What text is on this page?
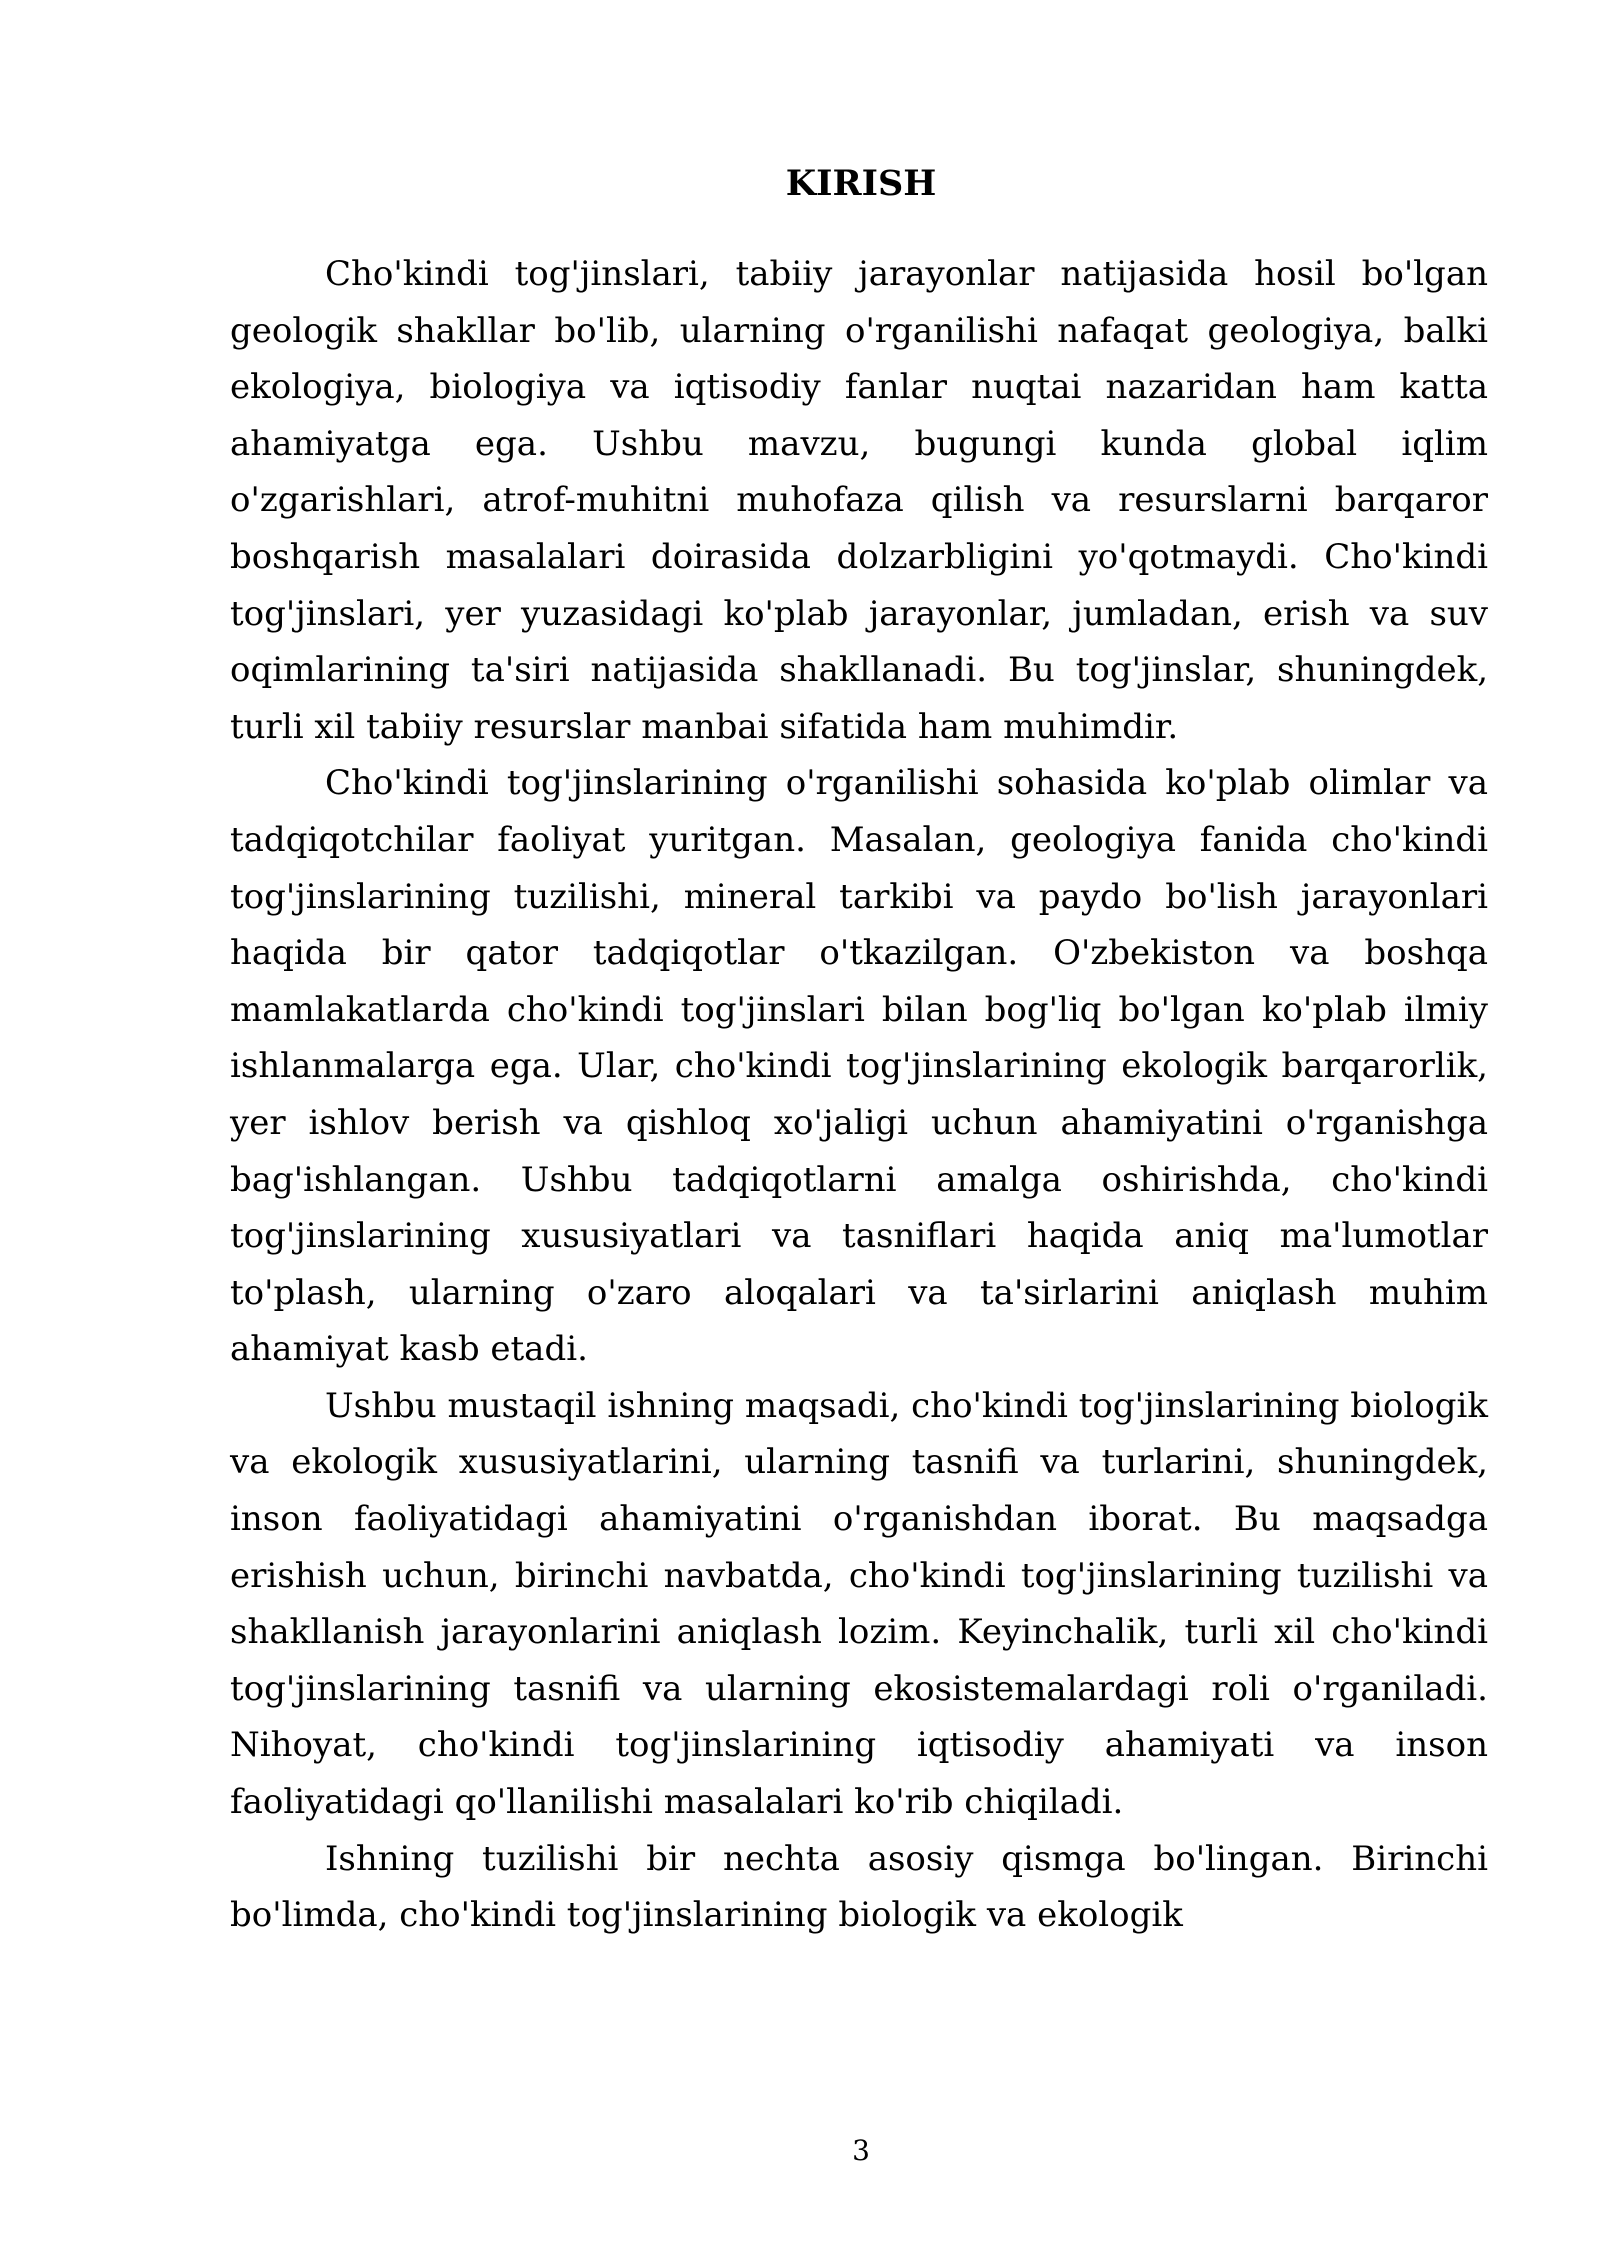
KIRISH

Cho'kindi tog'jinslari, tabiiy jarayonlar natijasida hosil bo'lgan geologik shakllar bo'lib, ularning o'rganilishi nafaqat geologiya, balki ekologiya, biologiya va iqtisodiy fanlar nuqtai nazaridan ham katta ahamiyatga ega. Ushbu mavzu, bugungi kunda global iqlim o'zgarishlari, atrof-muhitni muhofaza qilish va resurslarni barqaror boshqarish masalalari doirasida dolzarbligini yo'qotmaydi. Cho'kindi tog'jinslari, yer yuzasidagi ko'plab jarayonlar, jumladan, erish va suv oqimlarining ta'siri natijasida shakllanadi. Bu tog'jinslar, shuningdek, turli xil tabiiy resurslar manbai sifatida ham muhimdir.

Cho'kindi tog'jinslarining o'rganilishi sohasida ko'plab olimlar va tadqiqotchilar faoliyat yuritgan. Masalan, geologiya fanida cho'kindi tog'jinslarining tuzilishi, mineral tarkibi va paydo bo'lish jarayonlari haqida bir qator tadqiqotlar o'tkazilgan. O'zbekiston va boshqa mamlakatlarda cho'kindi tog'jinslari bilan bog'liq bo'lgan ko'plab ilmiy ishlanmalarga ega. Ular, cho'kindi tog'jinslarining ekologik barqarorlik, yer ishlov berish va qishloq xo'jaligi uchun ahamiyatini o'rganishga bag'ishlangan. Ushbu tadqiqotlarni amalga oshirishda, cho'kindi tog'jinslarining xususiyatlari va tasniflari haqida aniq ma'lumotlar to'plash, ularning o'zaro aloqalari va ta'sirlarini aniqlash muhim ahamiyat kasb etadi.

Ushbu mustaqil ishning maqsadi, cho'kindi tog'jinslarining biologik va ekologik xususiyatlarini, ularning tasnifi va turlarini, shuningdek, inson faoliyatidagi ahamiyatini o'rganishdan iborat. Bu maqsadga erishish uchun, birinchi navbatda, cho'kindi tog'jinslarining tuzilishi va shakllanish jarayonlarini aniqlash lozim. Keyinchalik, turli xil cho'kindi tog'jinslarining tasnifi va ularning ekosistemalardagi roli o'rganiladi. Nihoyat, cho'kindi tog'jinslarining iqtisodiy ahamiyati va inson faoliyatidagi qo'llanilishi masalalari ko'rib chiqiladi.

Ishning tuzilishi bir nechta asosiy qismga bo'lingan. Birinchi bo'limda, cho'kindi tog'jinslarining biologik va ekologik

3
